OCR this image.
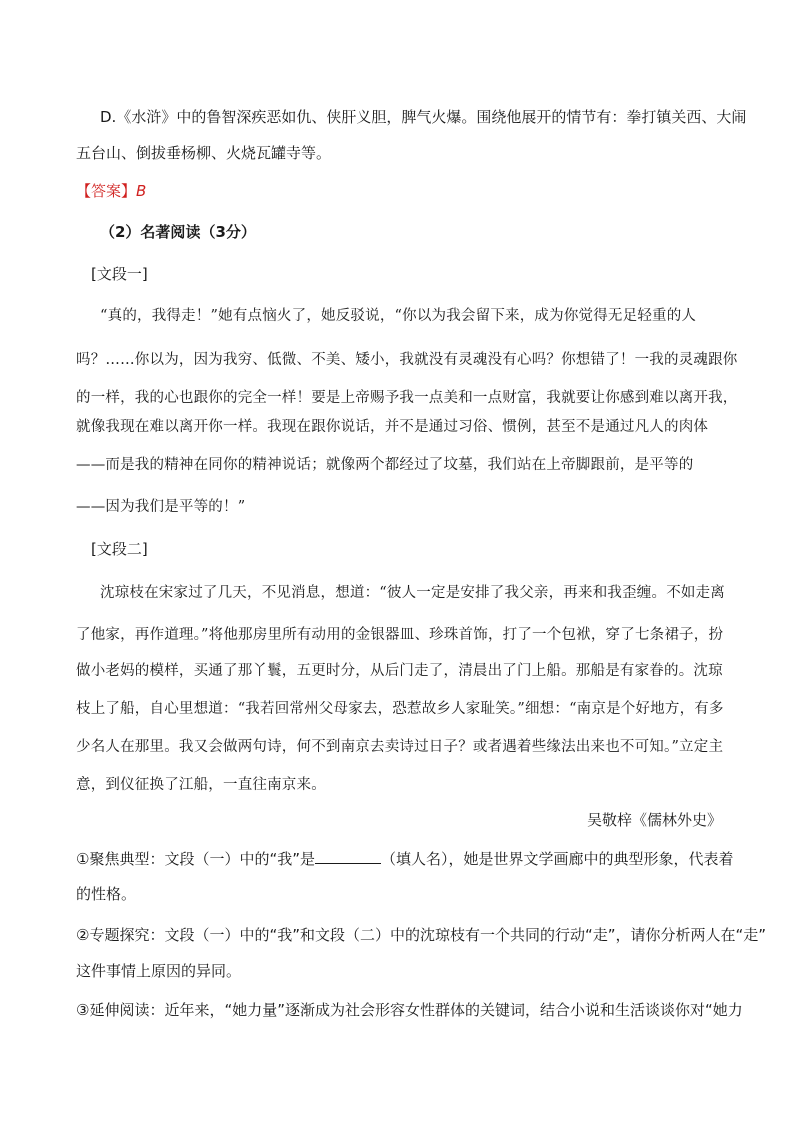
D.《水浒》中的鲁智深疾恶如仇、侠肝义胆，脾气火爆。围绕他展开的情节有：拳打镇关西、大闹
五台山、倒拔垂杨柳、火烧瓦罐寺等。
【答案】B
（2）名著阅读（3分）
[文段一]
“真的，我得走！”她有点恼火了，她反驳说，“你以为我会留下来，成为你觉得无足轻重的人
吗？……你以为，因为我穷、低微、不美、矮小，我就没有灵魂没有心吗？你想错了！一我的灵魂跟你
的一样，我的心也跟你的完全一样！要是上帝赐予我一点美和一点财富，我就要让你感到难以离开我，
就像我现在难以离开你一样。我现在跟你说话，并不是通过习俗、惯例，甚至不是通过凡人的肉体
——而是我的精神在同你的精神说话；就像两个都经过了坟墓，我们站在上帝脚跟前，是平等的
——因为我们是平等的！”
[文段二]
沈琼枝在宋家过了几天，不见消息，想道：“彼人一定是安排了我父亲，再来和我歪缠。不如走离
了他家，再作道理。”将他那房里所有动用的金银器皿、珍珠首饰，打了一个包袱，穿了七条裙子，扮
做小老妈的模样，买通了那丫鬟，五更时分，从后门走了，清晨出了门上船。那船是有家眷的。沈琼
枝上了船，自心里想道：“我若回常州父母家去，恐惹故乡人家耻笑。”细想：“南京是个好地方，有多
少名人在那里。我又会做两句诗，何不到南京去卖诗过日子？或者遇着些缘法出来也不可知。”立定主
意，到仪征换了江船，一直往南京来。
吴敬梓《儒林外史》
①聚焦典型：文段（一）中的“我”是	（填人名），她是世界文学画廊中的典型形象，代表着
的性格。
②专题探究：文段（一）中的“我”和文段（二）中的沈琼枝有一个共同的行动“走”，请你分析两人在“走”
这件事情上原因的异同。
③延伸阅读：近年来，“她力量”逐渐成为社会形容女性群体的关键词，结合小说和生活谈谈你对“她力
